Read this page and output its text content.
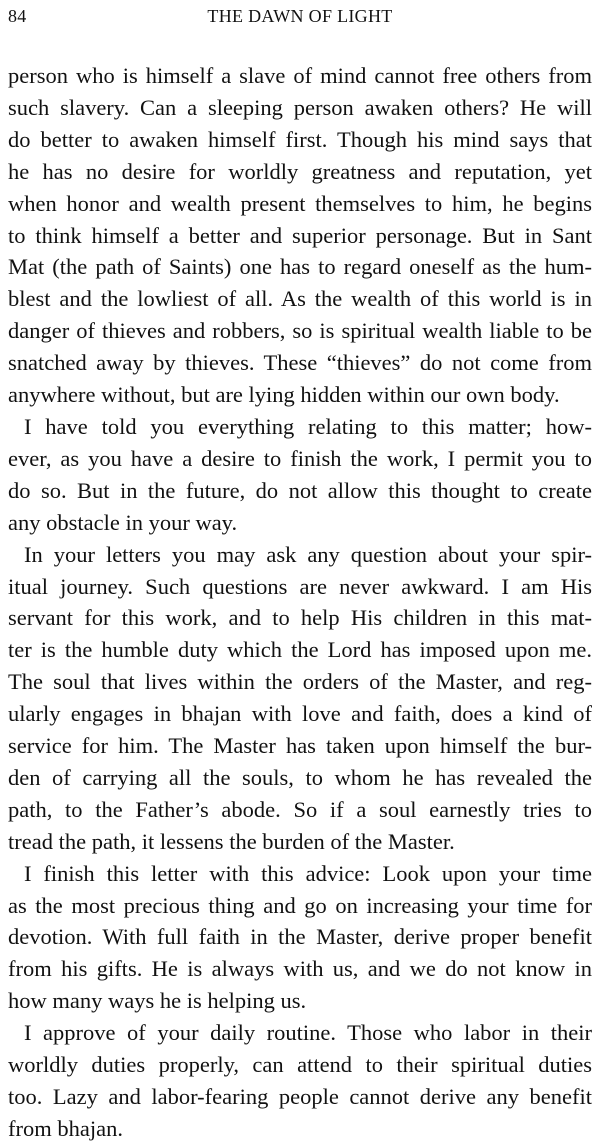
84	THE DAWN OF LIGHT

person who is himself a slave of mind cannot free others from
such slavery. Can a sleeping person awaken others? He will
do better to awaken himself first. Though his mind says that
he has no desire for worldly greatness and reputation, yet
when honor and wealth present themselves to him, he begins
to think himself a better and superior personage. But in Sant
Mat (the path of Saints) one has to regard oneself as the hum-
blest and the lowliest of all. As the wealth of this world is in
danger of thieves and robbers, so is spiritual wealth liable to be
snatched away by thieves. These “thieves” do not come from
anywhere without, but are lying hidden within our own body.

I have told you everything relating to this matter; how-
ever, as you have a desire to finish the work, I permit you to
do so. But in the future, do not allow this thought to create
any obstacle in your way.

In your letters you may ask any question about your spir-
itual journey. Such questions are never awkward. I am His
servant for this work, and to help His children in this mat-
ter is the humble duty which the Lord has imposed upon me.
The soul that lives within the orders of the Master, and reg-
ularly engages in bhajan with love and faith, does a kind of
service for him. The Master has taken upon himself the bur-
den of carrying all the souls, to whom he has revealed the
path, to the Father’s abode. So if a soul earnestly tries to
tread the path, it lessens the burden of the Master.

I finish this letter with this advice: Look upon your time
as the most precious thing and go on increasing your time for
devotion. With full faith in the Master, derive proper benefit
from his gifts. He is always with us, and we do not know in
how many ways he is helping us.

I approve of your daily routine. Those who labor in their
worldly duties properly, can attend to their spiritual duties
too. Lazy and labor-fearing people cannot derive any benefit
from bhajan.
